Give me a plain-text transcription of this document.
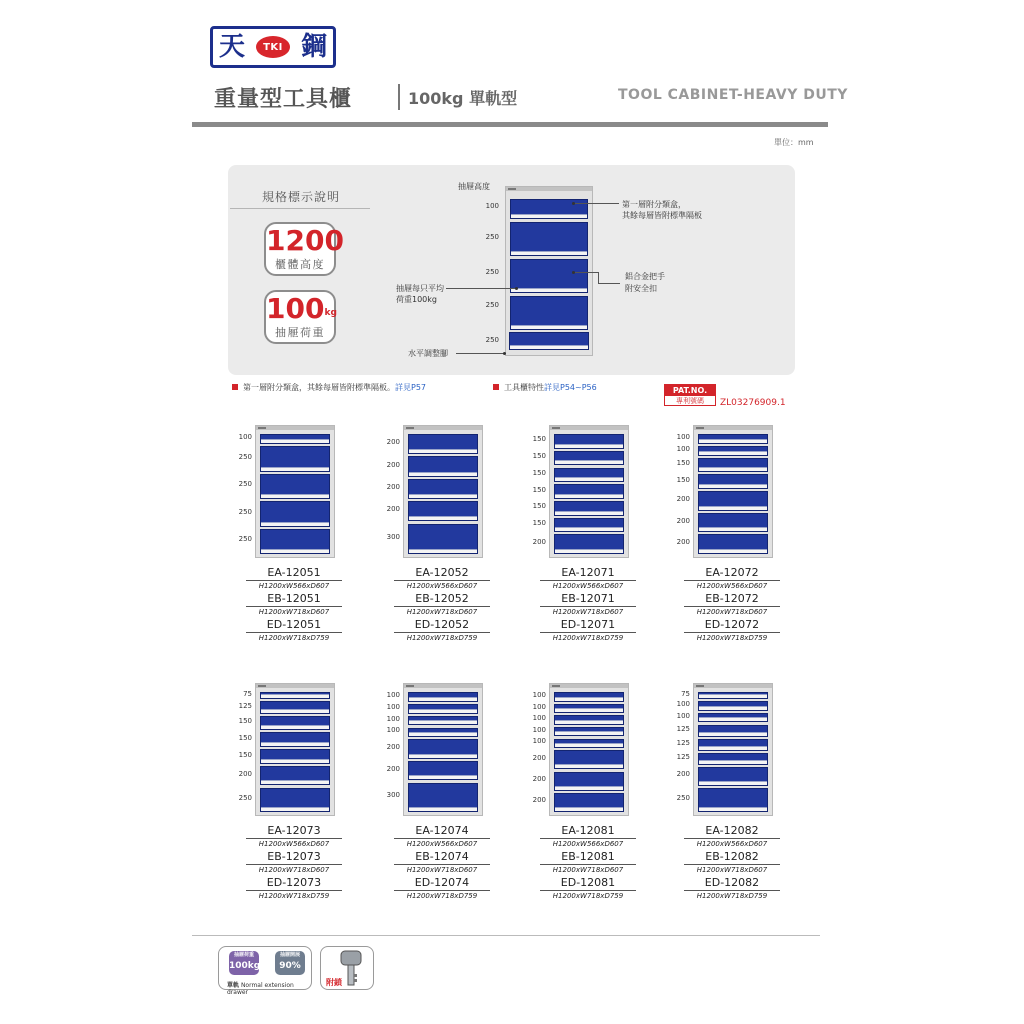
天	TKI 鋼
重量型工具櫃	100kg 單軌型	TOOL CABINET-HEAVY DUTY
單位：mm
規格標示說明
1200
櫃體高度
$100^{kg}$
抽屜荷重
抽屜高度
100
250
250
250
250
第一層附分類盒，
其餘每層皆附標準隔板
鋁合金把手
附安全扣
抽屜每只平均
荷重100kg
水平調整腳
第一層附分類盒，其餘每層皆附標準隔板。詳見P57	工具櫃特性詳見P54~P56	PAT.NO.
專利號碼	ZL03276909.1
100
250
250
250
250
EA-12051
H1200xW566xD607
EB-12051
H1200xW718xD607
ED-12051
H1200xW718xD759
200
200
200
200
300
EA-12052
H1200xW566xD607
EB-12052
H1200xW718xD607
ED-12052
H1200xW718xD759
150
150
150
150
150
150
200
EA-12071
H1200xW566xD607
EB-12071
H1200xW718xD607
ED-12071
H1200xW718xD759
100
100
150
150
200
200
200
EA-12072
H1200xW566xD607
EB-12072
H1200xW718xD607
ED-12072
H1200xW718xD759
75
125
150
150
150
200
250
EA-12073
H1200xW566xD607
EB-12073
H1200xW718xD607
ED-12073
H1200xW718xD759
100
100
100
100
200
200
300
EA-12074
H1200xW566xD607
EB-12074
H1200xW718xD607
ED-12074
H1200xW718xD759
100
100
100
100
100
200
200
200
EA-12081
H1200xW566xD607
EB-12081
H1200xW718xD607
ED-12081
H1200xW718xD759
75
100
100
125
125
125
200
250
EA-12082
H1200xW566xD607
EB-12082
H1200xW718xD607
ED-12082
H1200xW718xD759
抽屜荷重
100kg
抽屜開展
90%
單軌 Normal extension drawer
附鎖
